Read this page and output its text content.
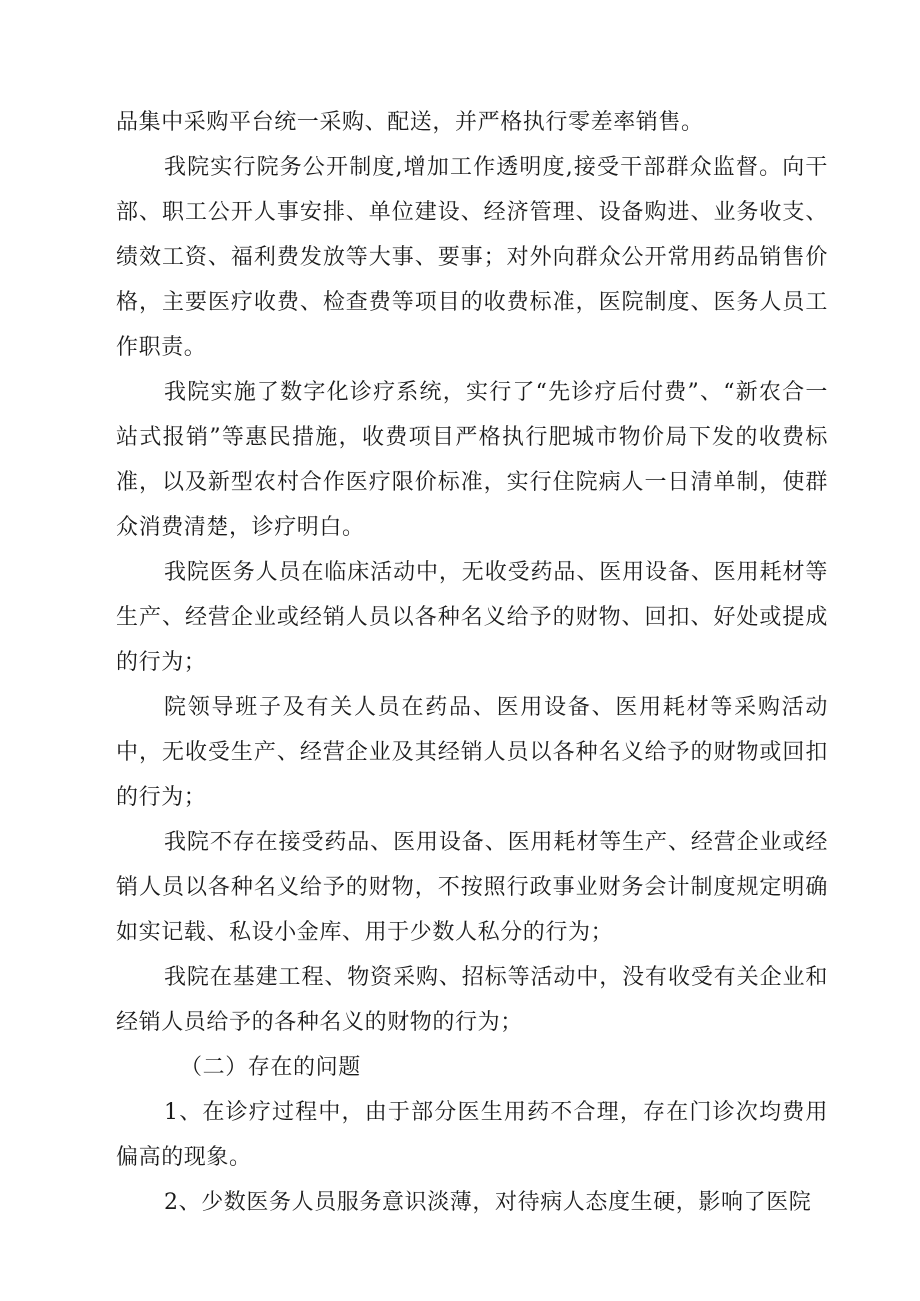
品集中采购平台统一采购、配送，并严格执行零差率销售。

我院实行院务公开制度,增加工作透明度,接受干部群众监督。向干部、职工公开人事安排、单位建设、经济管理、设备购进、业务收支、绩效工资、福利费发放等大事、要事；对外向群众公开常用药品销售价格，主要医疗收费、检查费等项目的收费标准，医院制度、医务人员工作职责。

我院实施了数字化诊疗系统，实行了“先诊疗后付费”、“新农合一站式报销”等惠民措施，收费项目严格执行肥城市物价局下发的收费标准，以及新型农村合作医疗限价标准，实行住院病人一日清单制，使群众消费清楚，诊疗明白。

我院医务人员在临床活动中，无收受药品、医用设备、医用耗材等生产、经营企业或经销人员以各种名义给予的财物、回扣、好处或提成的行为；

院领导班子及有关人员在药品、医用设备、医用耗材等采购活动中，无收受生产、经营企业及其经销人员以各种名义给予的财物或回扣的行为；

我院不存在接受药品、医用设备、医用耗材等生产、经营企业或经销人员以各种名义给予的财物，不按照行政事业财务会计制度规定明确如实记载、私设小金库、用于少数人私分的行为；

我院在基建工程、物资采购、招标等活动中，没有收受有关企业和经销人员给予的各种名义的财物的行为；

（二）存在的问题

1、在诊疗过程中，由于部分医生用药不合理，存在门诊次均费用偏高的现象。

2、少数医务人员服务意识淡薄，对待病人态度生硬，影响了医院
